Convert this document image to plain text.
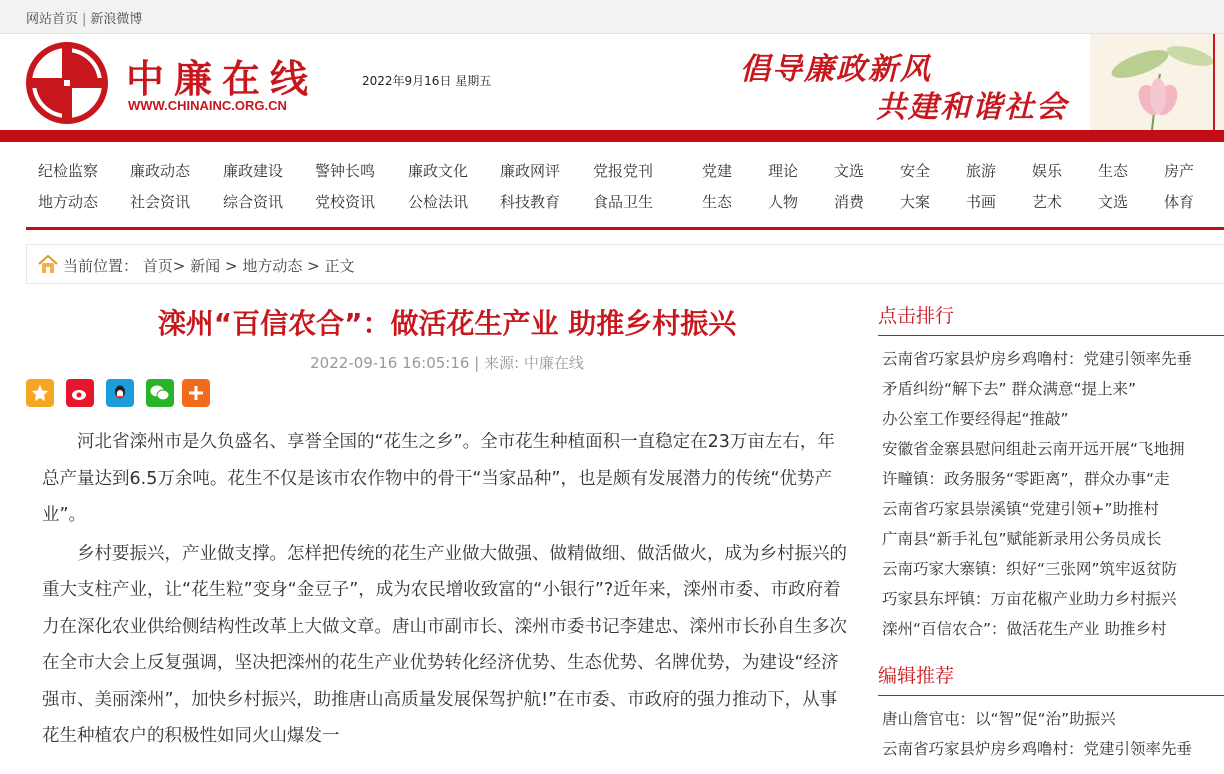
网站首页 | 新浪微博
中廉在线
WWW.CHINAINC.ORG.CN
2022年9月16日 星期五	倡导廉政新风
共建和谐社会
纪检监察 廉政动态 廉政建设 警钟长鸣 廉政文化 廉政网评 党报党刊	党建 理论 文选 安全 旅游 娱乐 生态 房产
地方动态 社会资讯 综合资讯 党校资讯 公检法讯 科技教育 食品卫生	生态 人物 消费 大案 书画 艺术 文选 体育
当前位置： 首页> 新闻 > 地方动态 > 正文
滦州“百信农合”：做活花生产业 助推乡村振兴
2022-09-16 16:05:16 | 来源: 中廉在线

河北省滦州市是久负盛名、享誉全国的“花生之乡”。全市花生种植面积一直稳定在23万亩左右，年总产量达到6.5万余吨。花生不仅是该市农作物中的骨干“当家品种”，也是颇有发展潜力的传统“优势产业”。

乡村要振兴，产业做支撑。怎样把传统的花生产业做大做强、做精做细、做活做火，成为乡村振兴的重大支柱产业，让“花生粒”变身“金豆子”，成为农民增收致富的“小银行”?近年来，滦州市委、市政府着力在深化农业供给侧结构性改革上大做文章。唐山市副市长、滦州市委书记李建忠、滦州市长孙自生多次在全市大会上反复强调，坚决把滦州的花生产业优势转化经济优势、生态优势、名牌优势，为建设“经济强市、美丽滦州”，加快乡村振兴，助推唐山高质量发展保驾护航!”在市委、市政府的强力推动下，从事花生种植农户的积极性如同火山爆发一

点击排行
云南省巧家县炉房乡鸡噜村：党建引领率先垂
矛盾纠纷“解下去” 群众满意“提上来”
办公室工作要经得起“推敲”
安徽省金寨县慰问组赴云南开远开展“飞地拥
许疃镇：政务服务“零距离”，群众办事“走
云南省巧家县崇溪镇“党建引领+”助推村
广南县“新手礼包”赋能新录用公务员成长
云南巧家大寨镇：织好“三张网”筑牢返贫防
巧家县东坪镇：万亩花椒产业助力乡村振兴
滦州“百信农合”：做活花生产业 助推乡村
编辑推荐
唐山詹官屯：以“智”促“治”助振兴
云南省巧家县炉房乡鸡噜村：党建引领率先垂
